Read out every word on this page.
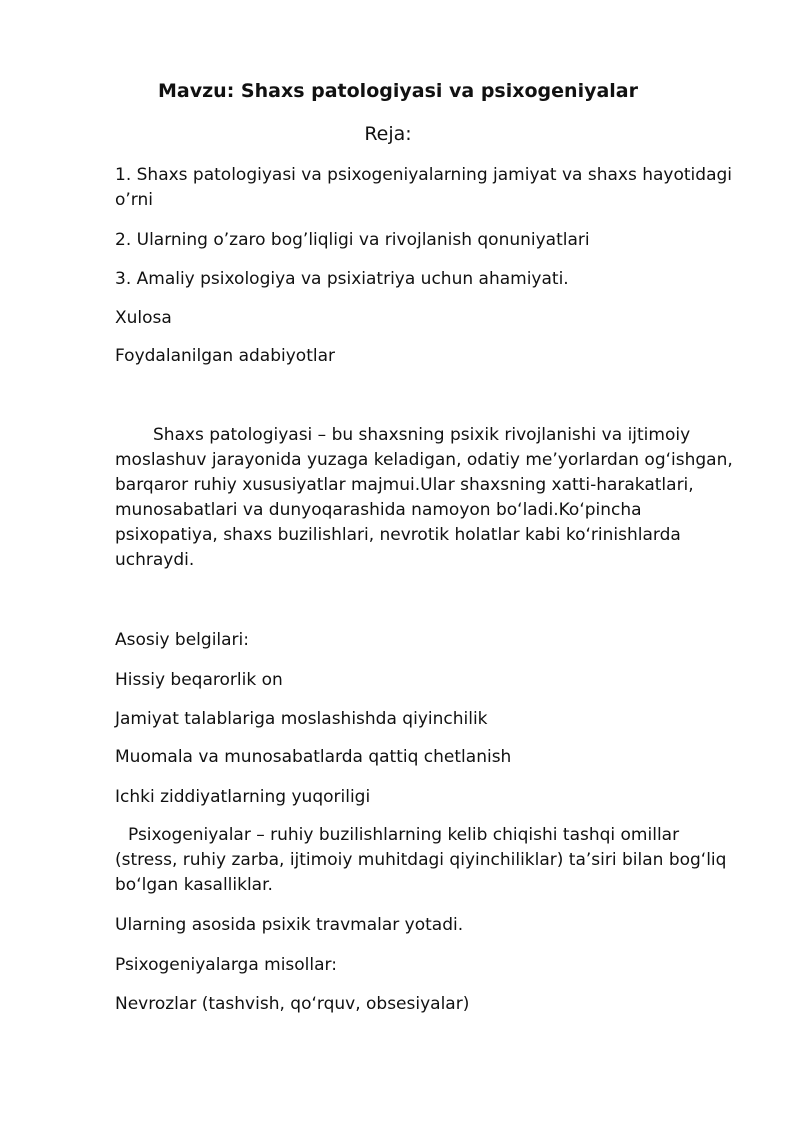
Mavzu: Shaxs patologiyasi va psixogeniyalar
Reja:

1. Shaxs patologiyasi va psixogeniyalarning jamiyat va shaxs hayotidagi o’rni

2. Ularning o’zaro bog’liqligi va rivojlanish qonuniyatlari

3. Amaliy psixologiya va psixiatriya uchun ahamiyati.

Xulosa

Foydalanilgan adabiyotlar

Shaxs patologiyasi – bu shaxsning psixik rivojlanishi va ijtimoiy moslashuv jarayonida yuzaga keladigan, odatiy me’yorlardan og‘ishgan, barqaror ruhiy xususiyatlar majmui.Ular shaxsning xatti-harakatlari, munosabatlari va dunyoqarashida namoyon bo‘ladi.Ko‘pincha psixopatiya, shaxs buzilishlari, nevrotik holatlar kabi ko‘rinishlarda uchraydi.

Asosiy belgilari:

Hissiy beqarorlik on

Jamiyat talablariga moslashishda qiyinchilik

Muomala va munosabatlarda qattiq chetlanish

Ichki ziddiyatlarning yuqoriligi

Psixogeniyalar – ruhiy buzilishlarning kelib chiqishi tashqi omillar (stress, ruhiy zarba, ijtimoiy muhitdagi qiyinchiliklar) ta’siri bilan bog‘liq bo‘lgan kasalliklar.

Ularning asosida psixik travmalar yotadi.

Psixogeniyalarga misollar:

Nevrozlar (tashvish, qo‘rquv, obsesiyalar)
